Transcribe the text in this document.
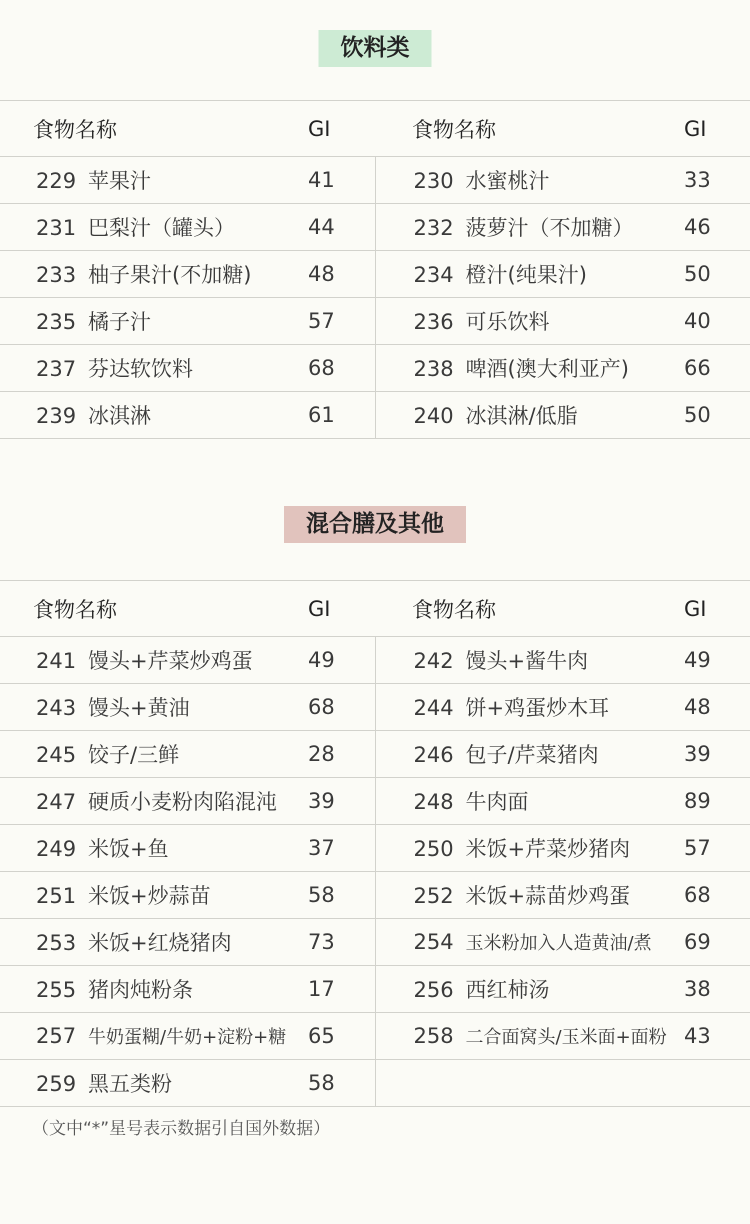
饮料类
食物名称	GI	食物名称	GI
229 苹果汁	41	230 水蜜桃汁	33
231 巴梨汁（罐头）	44	232 菠萝汁（不加糖）	46
233 柚子果汁(不加糖)	48	234 橙汁(纯果汁)	50
235 橘子汁	57	236 可乐饮料	40
237 芬达软饮料	68	238 啤酒(澳大利亚产)	66
239 冰淇淋	61	240 冰淇淋/低脂	50
混合膳及其他
食物名称	GI	食物名称	GI
241 馒头+芹菜炒鸡蛋	49	242 馒头+酱牛肉	49
243 馒头+黄油	68	244 饼+鸡蛋炒木耳	48
245 饺子/三鲜	28	246 包子/芹菜猪肉	39
247 硬质小麦粉肉陷混沌	39	248 牛肉面	89
249 米饭+鱼	37	250 米饭+芹菜炒猪肉	57
251 米饭+炒蒜苗	58	252 米饭+蒜苗炒鸡蛋	68
253 米饭+红烧猪肉	73	254 玉米粉加入人造黄油/煮	69
255 猪肉炖粉条	17	256 西红柿汤	38
257 牛奶蛋糊/牛奶+淀粉+糖	65	258 二合面窝头/玉米面+面粉	43
259 黑五类粉	58		
（文中“*”星号表示数据引自国外数据）
